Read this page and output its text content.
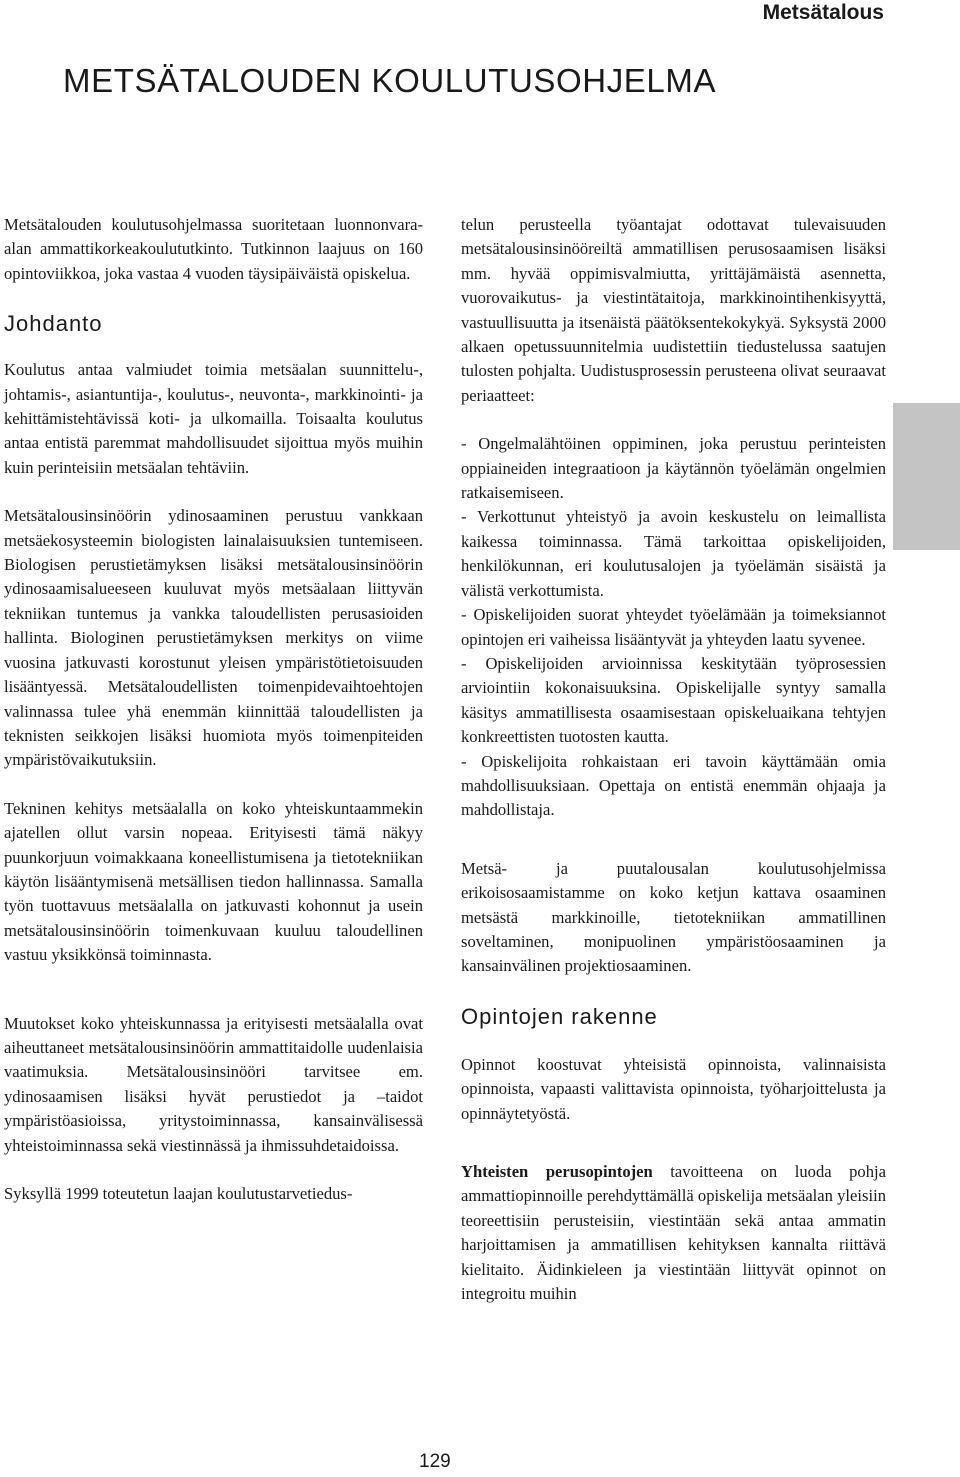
Metsätalous
METSÄTALOUDEN KOULUTUSOHJELMA

Metsätalouden koulutusohjelmassa suoritetaan luonnonvara-alan ammattikorkeakoulututkinto. Tutkinnon laajuus on 160 opintoviikkoa, joka vastaa 4 vuoden täysipäiväistä opiskelua.

Johdanto

Koulutus antaa valmiudet toimia metsäalan suunnittelu-, johtamis-, asiantuntija-, koulutus-, neuvonta-, markkinointi- ja kehittämistehtävissä koti- ja ulkomailla. Toisaalta koulutus antaa entistä paremmat mahdollisuudet sijoittua myös muihin kuin perinteisiin metsäalan tehtäviin.

Metsätalousinsinöörin ydinosaaminen perustuu vankkaan metsäekosysteemin biologisten lainalaisuuksien tuntemiseen. Biologisen perustietämyksen lisäksi metsätalousinsinöörin ydinosaamisalueeseen kuuluvat myös metsäalaan liittyvän tekniikan tuntemus ja vankka taloudellisten perusasioiden hallinta. Biologinen perustietämyksen merkitys on viime vuosina jatkuvasti korostunut yleisen ympäristötietoisuuden lisääntyessä. Metsätaloudellisten toimenpidevaihtoehtojen valinnassa tulee yhä enemmän kiinnittää taloudellisten ja teknisten seikkojen lisäksi huomiota myös toimenpiteiden ympäristövaikutuksiin.

Tekninen kehitys metsäalalla on koko yhteiskuntaammekin ajatellen ollut varsin nopeaa. Erityisesti tämä näkyy puunkorjuun voimakkaana koneellistumisena ja tietotekniikan käytön lisääntymisenä metsällisen tiedon hallinnassa. Samalla työn tuottavuus metsäalalla on jatkuvasti kohonnut ja usein metsätalousinsinöörin toimenkuvaan kuuluu taloudellinen vastuu yksikkönsä toiminnasta.

Muutokset koko yhteiskunnassa ja erityisesti metsäalalla ovat aiheuttaneet metsätalousinsinöörin ammattitaidolle uudenlaisia vaatimuksia. Metsätalousinsinööri tarvitsee em. ydinosaamisen lisäksi hyvät perustiedot ja –taidot ympäristöasioissa, yritystoiminnassa, kansainvälisessä yhteistoiminnassa sekä viestinnässä ja ihmissuhdetaidoissa.

Syksyllä 1999 toteutetun laajan koulutustarvetiedus-

telun perusteella työantajat odottavat tulevaisuuden metsätalousinsinööreiltä ammatillisen perusosaamisen lisäksi mm. hyvää oppimisvalmiutta, yrittäjämäistä asennetta, vuorovaikutus- ja viestintätaitoja, markkinointihenkisyyttä, vastuullisuutta ja itsenäistä päätöksentekokykyä. Syksystä 2000 alkaen opetussuunnitelmia uudistettiin tiedustelussa saatujen tulosten pohjalta. Uudistusprosessin perusteena olivat seuraavat periaatteet:

- Ongelmalähtöinen oppiminen, joka perustuu perinteisten oppiaineiden integraatioon ja käytännön työelämän ongelmien ratkaisemiseen.
- Verkottunut yhteistyö ja avoin keskustelu on leimallista kaikessa toiminnassa. Tämä tarkoittaa opiskelijoiden, henkilökunnan, eri koulutusalojen ja työelämän sisäistä ja välistä verkottumista.
- Opiskelijoiden suorat yhteydet työelämään ja toimeksiannot opintojen eri vaiheissa lisääntyvät ja yhteyden laatu syvenee.
- Opiskelijoiden arvioinnissa keskitytään työprosessien arviointiin kokonaisuuksina. Opiskelijalle syntyy samalla käsitys ammatillisesta osaamisestaan opiskeluaikana tehtyjen konkreettisten tuotosten kautta.
- Opiskelijoita rohkaistaan eri tavoin käyttämään omia mahdollisuuksiaan. Opettaja on entistä enemmän ohjaaja ja mahdollistaja.

Metsä- ja puutalousalan koulutusohjelmissa erikoisosaamistamme on koko ketjun kattava osaaminen metsästä markkinoille, tietotekniikan ammatillinen soveltaminen, monipuolinen ympäristöosaaminen ja kansainvälinen projektiosaaminen.

Opintojen rakenne

Opinnot koostuvat yhteisistä opinnoista, valinnaisista opinnoista, vapaasti valittavista opinnoista, työharjoittelusta ja opinnäytetyöstä.

Yhteisten perusopintojen tavoitteena on luoda pohja ammattiopinnoille perehdyttämällä opiskelija metsäalan yleisiin teoreettisiin perusteisiin, viestintään sekä antaa ammatin harjoittamisen ja ammatillisen kehityksen kannalta riittävä kielitaito. Äidinkieleen ja viestintään liittyvät opinnot on integroitu muihin

129
